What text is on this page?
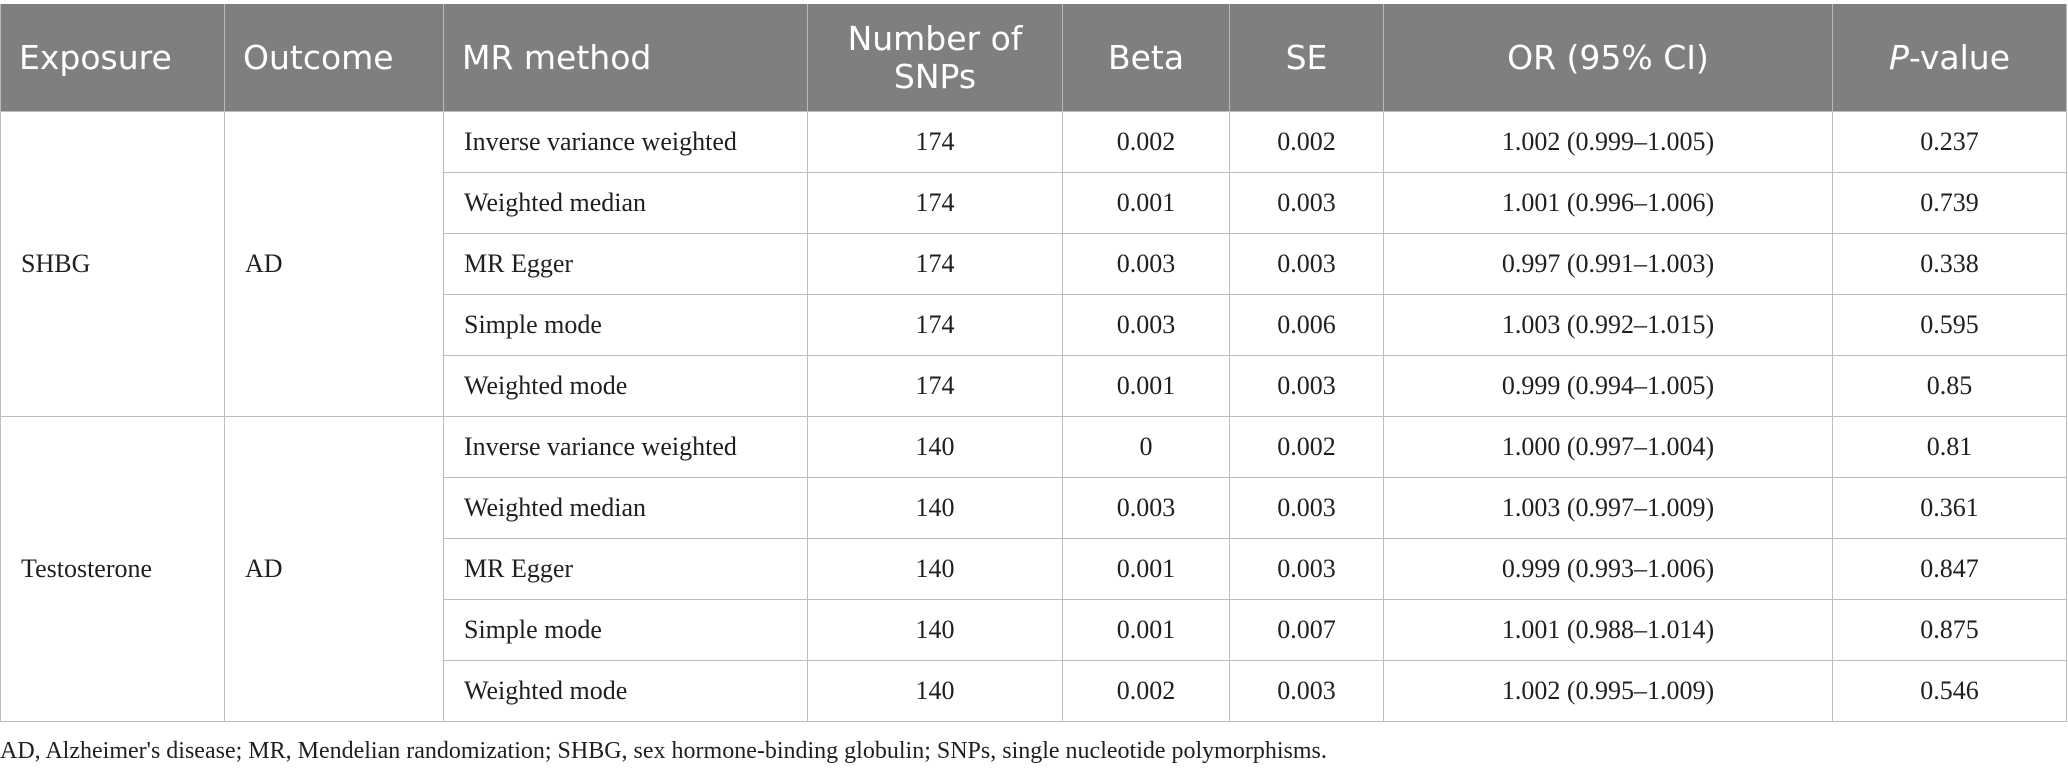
Exposure	Outcome	MR method	Number of
SNPs	Beta	SE	OR (95% CI)	P-value
SHBG	AD	Inverse variance weighted	174	0.002	0.002	1.002 (0.999–1.005)	0.237
		Weighted median	174	0.001	0.003	1.001 (0.996–1.006)	0.739
		MR Egger	174	0.003	0.003	0.997 (0.991–1.003)	0.338
		Simple mode	174	0.003	0.006	1.003 (0.992–1.015)	0.595
		Weighted mode	174	0.001	0.003	0.999 (0.994–1.005)	0.85
Testosterone	AD	Inverse variance weighted	140	0	0.002	1.000 (0.997–1.004)	0.81
		Weighted median	140	0.003	0.003	1.003 (0.997–1.009)	0.361
		MR Egger	140	0.001	0.003	0.999 (0.993–1.006)	0.847
		Simple mode	140	0.001	0.007	1.001 (0.988–1.014)	0.875
		Weighted mode	140	0.002	0.003	1.002 (0.995–1.009)	0.546
AD, Alzheimer's disease; MR, Mendelian randomization; SHBG, sex hormone-binding globulin; SNPs, single nucleotide polymorphisms.
